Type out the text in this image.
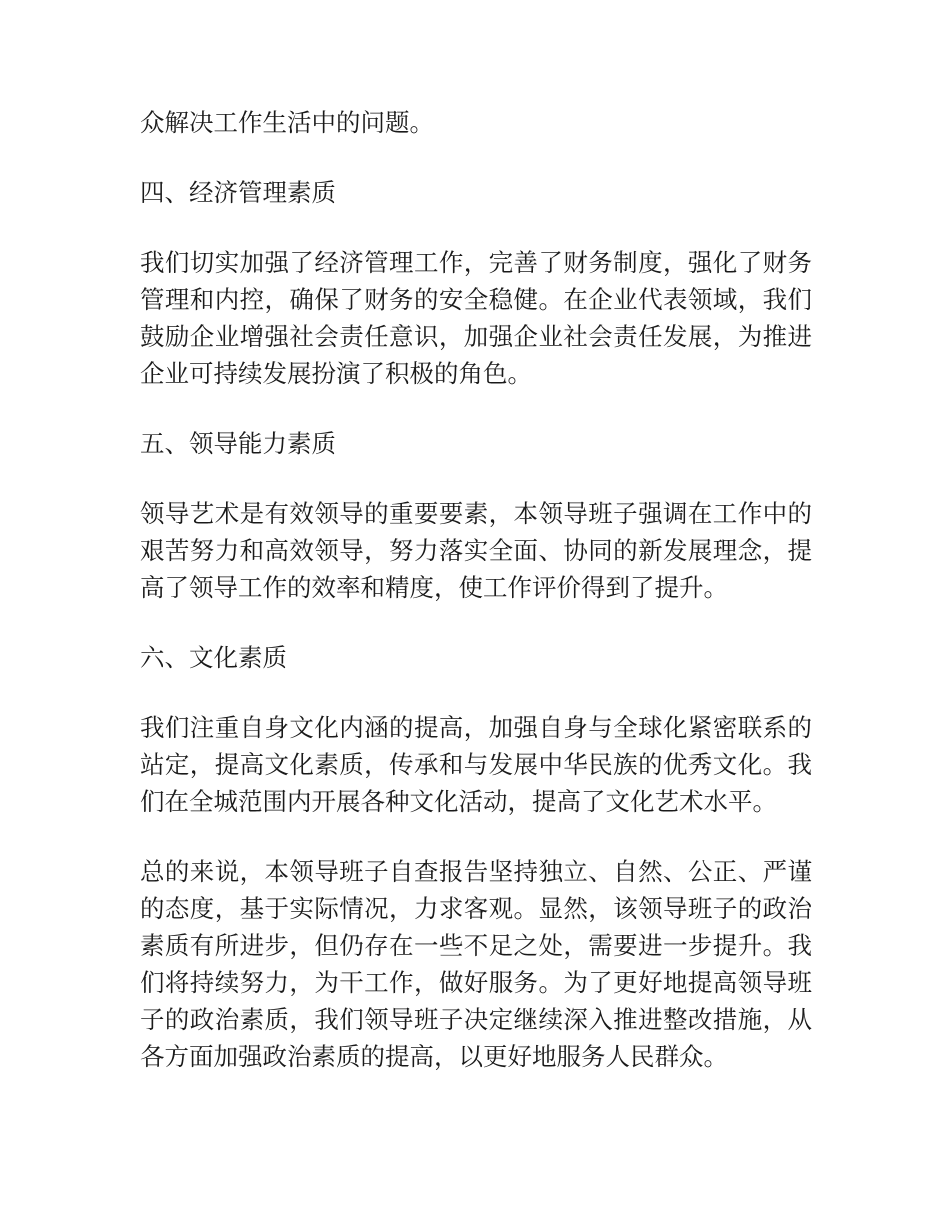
众解决工作生活中的问题。

四、经济管理素质

我们切实加强了经济管理工作，完善了财务制度，强化了财务管理和内控，确保了财务的安全稳健。在企业代表领域，我们鼓励企业增强社会责任意识，加强企业社会责任发展，为推进企业可持续发展扮演了积极的角色。

五、领导能力素质

领导艺术是有效领导的重要要素，本领导班子强调在工作中的艰苦努力和高效领导，努力落实全面、协同的新发展理念，提高了领导工作的效率和精度，使工作评价得到了提升。

六、文化素质

我们注重自身文化内涵的提高，加强自身与全球化紧密联系的站定，提高文化素质，传承和与发展中华民族的优秀文化。我们在全城范围内开展各种文化活动，提高了文化艺术水平。

总的来说，本领导班子自查报告坚持独立、自然、公正、严谨的态度，基于实际情况，力求客观。显然，该领导班子的政治素质有所进步，但仍存在一些不足之处，需要进一步提升。我们将持续努力，为干工作，做好服务。为了更好地提高领导班子的政治素质，我们领导班子决定继续深入推进整改措施，从各方面加强政治素质的提高，以更好地服务人民群众。
